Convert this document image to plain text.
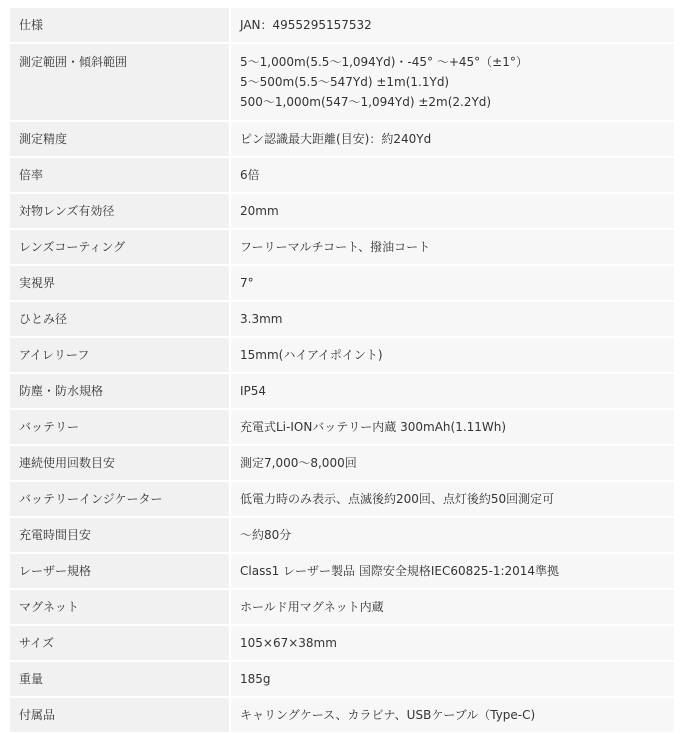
仕様	JAN：4955295157532

測定範囲・傾斜範囲	5〜1,000m(5.5〜1,094Yd)・-45° 〜+45°（±1°）
5〜500m(5.5〜547Yd) ±1m(1.1Yd)
500〜1,000m(547〜1,094Yd) ±2m(2.2Yd)

測定精度	ピン認識最大距離(目安)：約240Yd

倍率	6倍

対物レンズ有効径	20mm

レンズコーティング	フーリーマルチコート、撥油コート

実視界	7°

ひとみ径	3.3mm

アイレリーフ	15mm(ハイアイポイント)

防塵・防水規格	IP54

バッテリー	充電式Li-IONバッテリー内蔵 300mAh(1.11Wh)

連続使用回数目安	測定7,000〜8,000回

バッテリーインジケーター	低電力時のみ表示、点滅後約200回、点灯後約50回測定可

充電時間目安	〜約80分

レーザー規格	Class1 レーザー製品 国際安全規格IEC60825-1:2014準拠

マグネット	ホールド用マグネット内蔵

サイズ	105×67×38mm

重量	185g

付属品	キャリングケース、カラビナ、USBケーブル（Type-C)
